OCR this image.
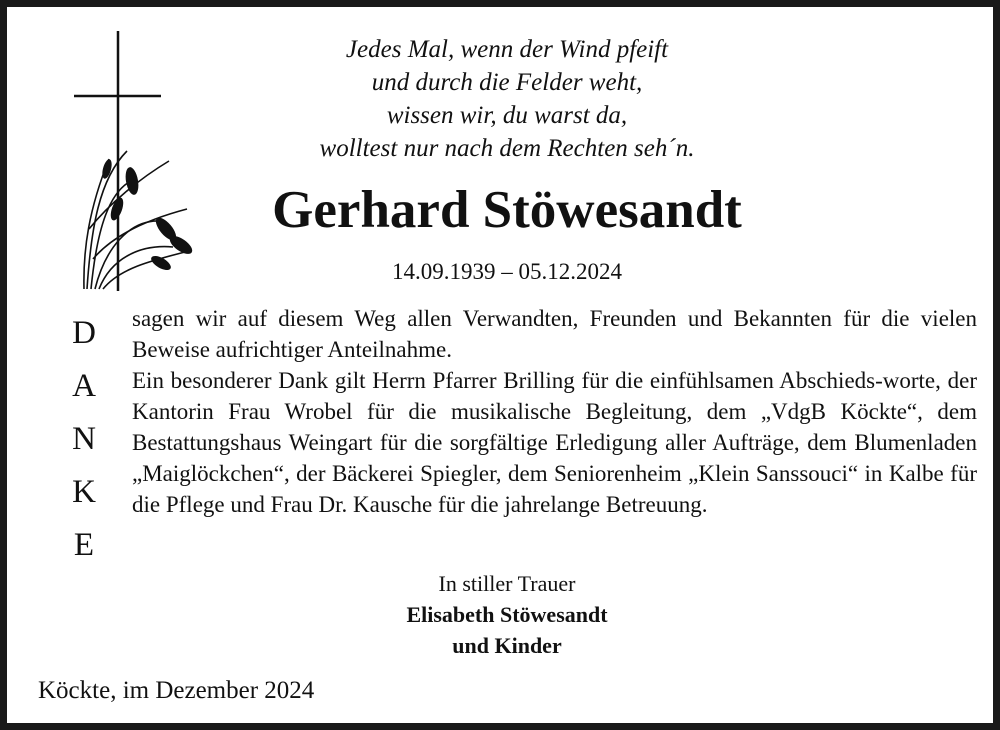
Jedes Mal, wenn der Wind pfeift
und durch die Felder weht,
wissen wir, du warst da,
wolltest nur nach dem Rechten seh´n.
Gerhard Stöwesandt
14.09.1939 – 05.12.2024
D
A
N
K
E

sagen wir auf diesem Weg allen Verwandten, Freunden und Bekannten für die vielen Beweise aufrichtiger Anteilnahme.

Ein besonderer Dank gilt Herrn Pfarrer Brilling für die einfühlsamen Abschieds-worte, der Kantorin Frau Wrobel für die musikalische Begleitung, dem „VdgB Köckte“, dem Bestattungshaus Weingart für die sorgfältige Erledigung aller Aufträge, dem Blumenladen „Maiglöckchen“, der Bäckerei Spiegler, dem Seniorenheim „Klein Sanssouci“ in Kalbe für die Pflege und Frau Dr. Kausche für die jahrelange Betreuung.

In stiller Trauer
Elisabeth Stöwesandt
und Kinder
Köckte, im Dezember 2024
